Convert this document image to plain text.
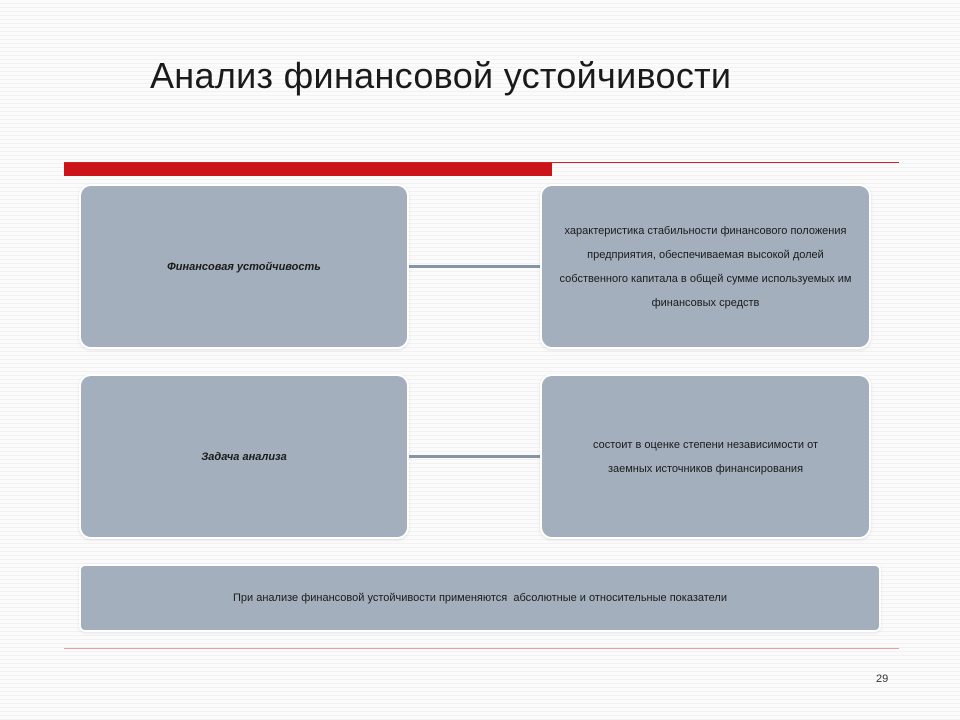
Анализ финансовой устойчивости
Финансовая устойчивость
характеристика стабильности финансового положения предприятия, обеспечиваемая высокой долей собственного капитала в общей сумме используемых им финансовых средств
Задача анализа
состоит в оценке степени независимости от заемных источников финансирования
При анализе финансовой устойчивости применяются  абсолютные и относительные показатели
29
